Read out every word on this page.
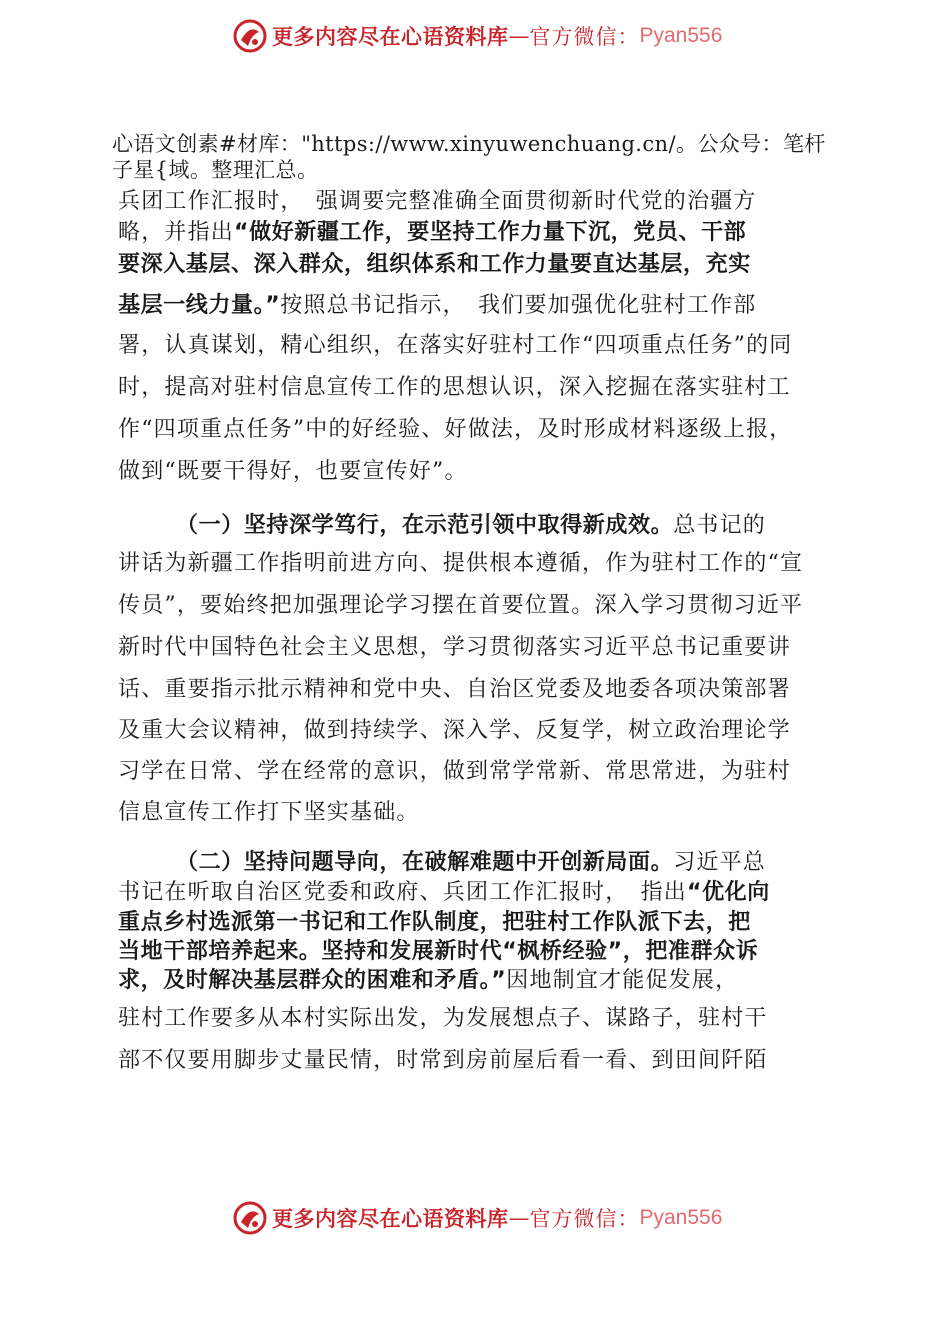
更多内容尽在心语资料库 — 官方微信： Pyan556
心语文创素#材库："https://www.xinyuwenchuang.cn/。公众号：笔杆
子星{域。整理汇总。
兵团工作汇报时，　强调要完整准确全面贯彻新时代党的治疆方
略，并指出“做好新疆工作，要坚持工作力量下沉，党员、干部
要深入基层、深入群众，组织体系和工作力量要直达基层，充实
基层一线力量。”按照总书记指示，　我们要加强优化驻村工作部
署，认真谋划，精心组织，在落实好驻村工作“四项重点任务”的同
时，提高对驻村信息宣传工作的思想认识，深入挖掘在落实驻村工
作“四项重点任务”中的好经验、好做法，及时形成材料逐级上报，
做到“既要干得好，也要宣传好”。
（一）坚持深学笃行，在示范引领中取得新成效。总书记的
讲话为新疆工作指明前进方向、提供根本遵循，作为驻村工作的“宣
传员”，要始终把加强理论学习摆在首要位置。深入学习贯彻习近平
新时代中国特色社会主义思想，学习贯彻落实习近平总书记重要讲
话、重要指示批示精神和党中央、自治区党委及地委各项决策部署
及重大会议精神，做到持续学、深入学、反复学，树立政治理论学
习学在日常、学在经常的意识，做到常学常新、常思常进，为驻村
信息宣传工作打下坚实基础。
（二）坚持问题导向，在破解难题中开创新局面。习近平总
书记在听取自治区党委和政府、兵团工作汇报时，　指出“优化向
重点乡村选派第一书记和工作队制度，把驻村工作队派下去，把
当地干部培养起来。坚持和发展新时代“枫桥经验”，把准群众诉
求，及时解决基层群众的困难和矛盾。”因地制宜才能促发展，
驻村工作要多从本村实际出发，为发展想点子、谋路子，驻村干
部不仅要用脚步丈量民情，时常到房前屋后看一看、到田间阡陌
更多内容尽在心语资料库 — 官方微信： Pyan556
